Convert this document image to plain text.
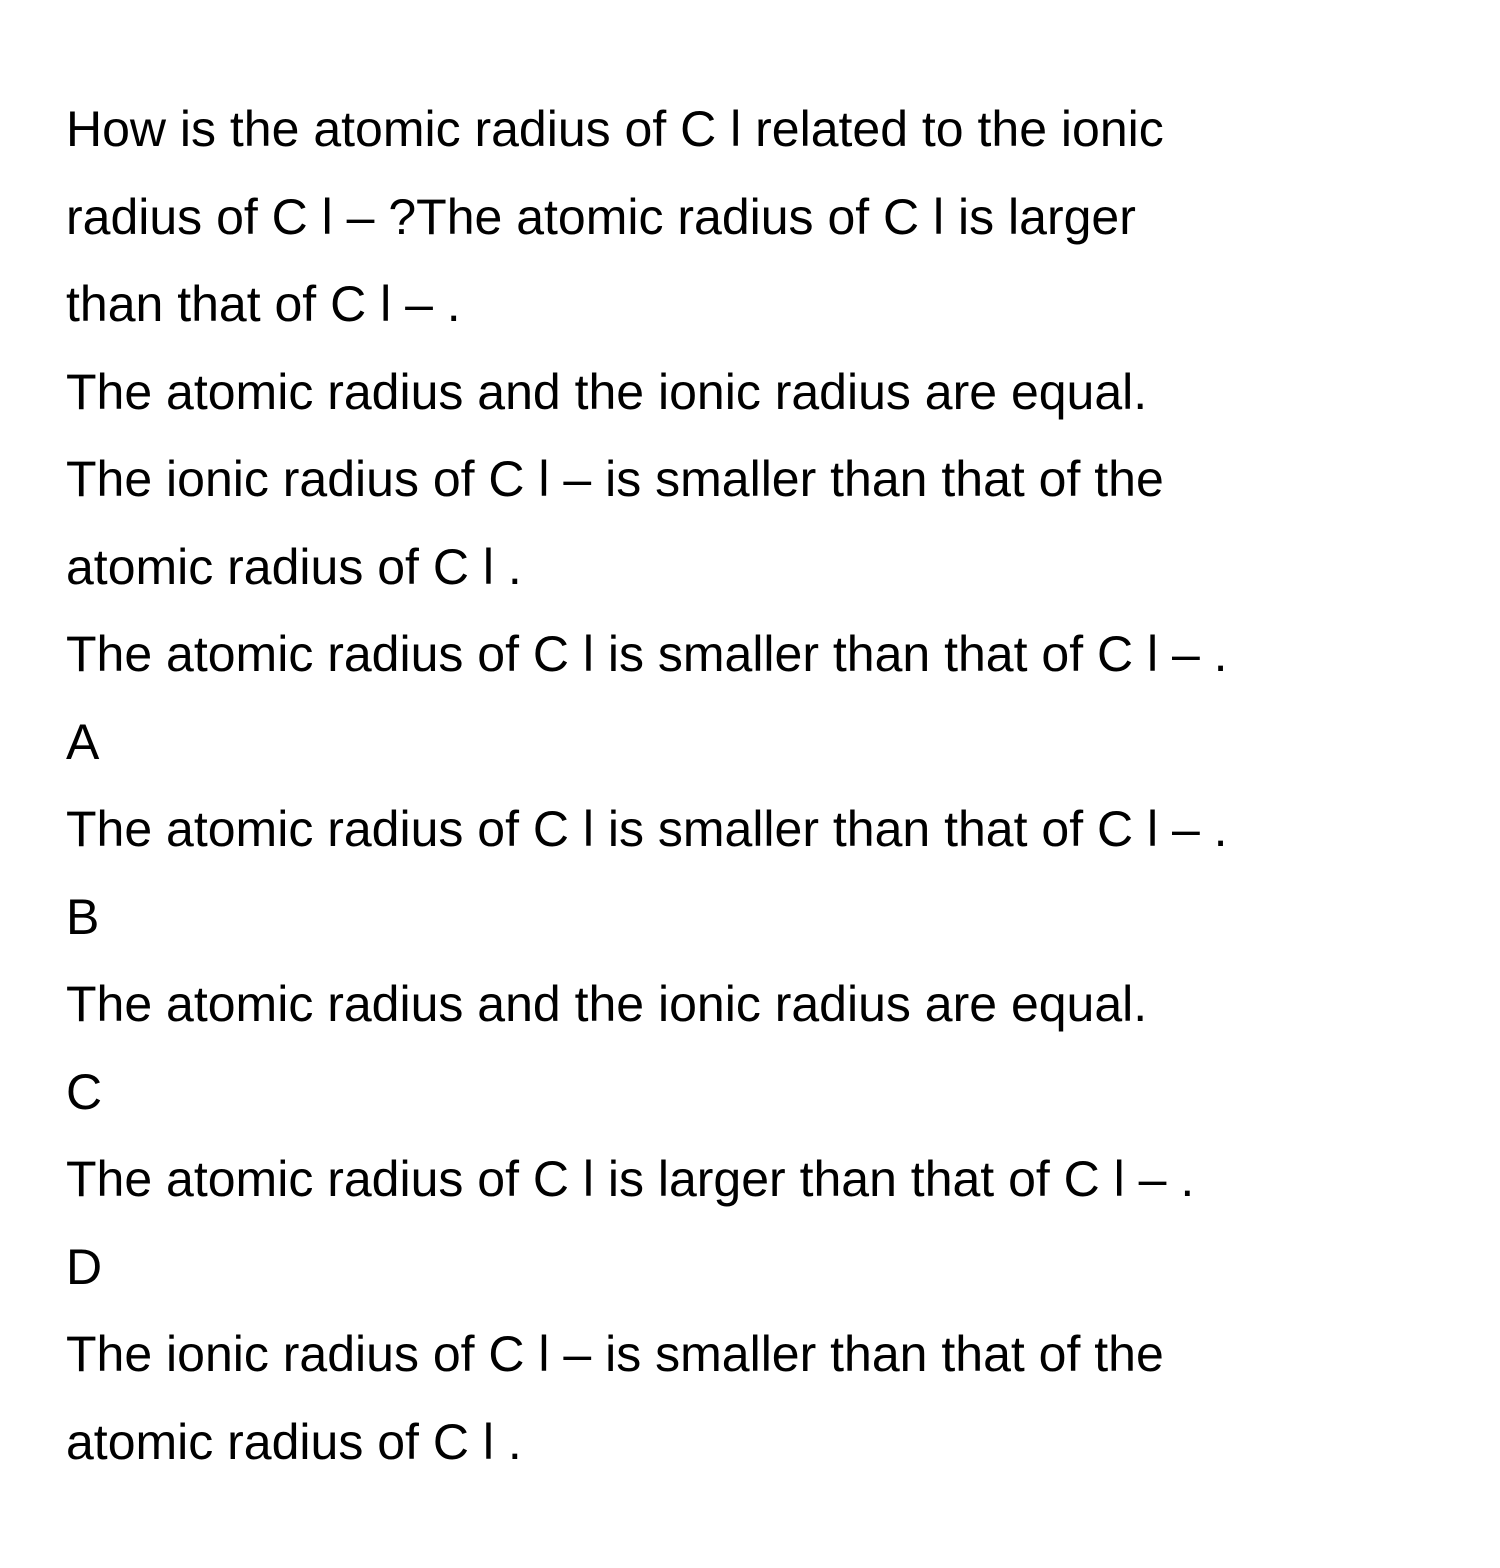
How is the atomic radius of C l related to the ionic
radius of C l – ?The atomic radius of C l is larger
than that of C l – .
The atomic radius and the ionic radius are equal.
The ionic radius of C l – is smaller than that of the
atomic radius of C l .
The atomic radius of C l is smaller than that of C l – .
A
The atomic radius of C l is smaller than that of C l – .
B
The atomic radius and the ionic radius are equal.
C
The atomic radius of C l is larger than that of C l – .
D
The ionic radius of C l – is smaller than that of the
atomic radius of C l .
